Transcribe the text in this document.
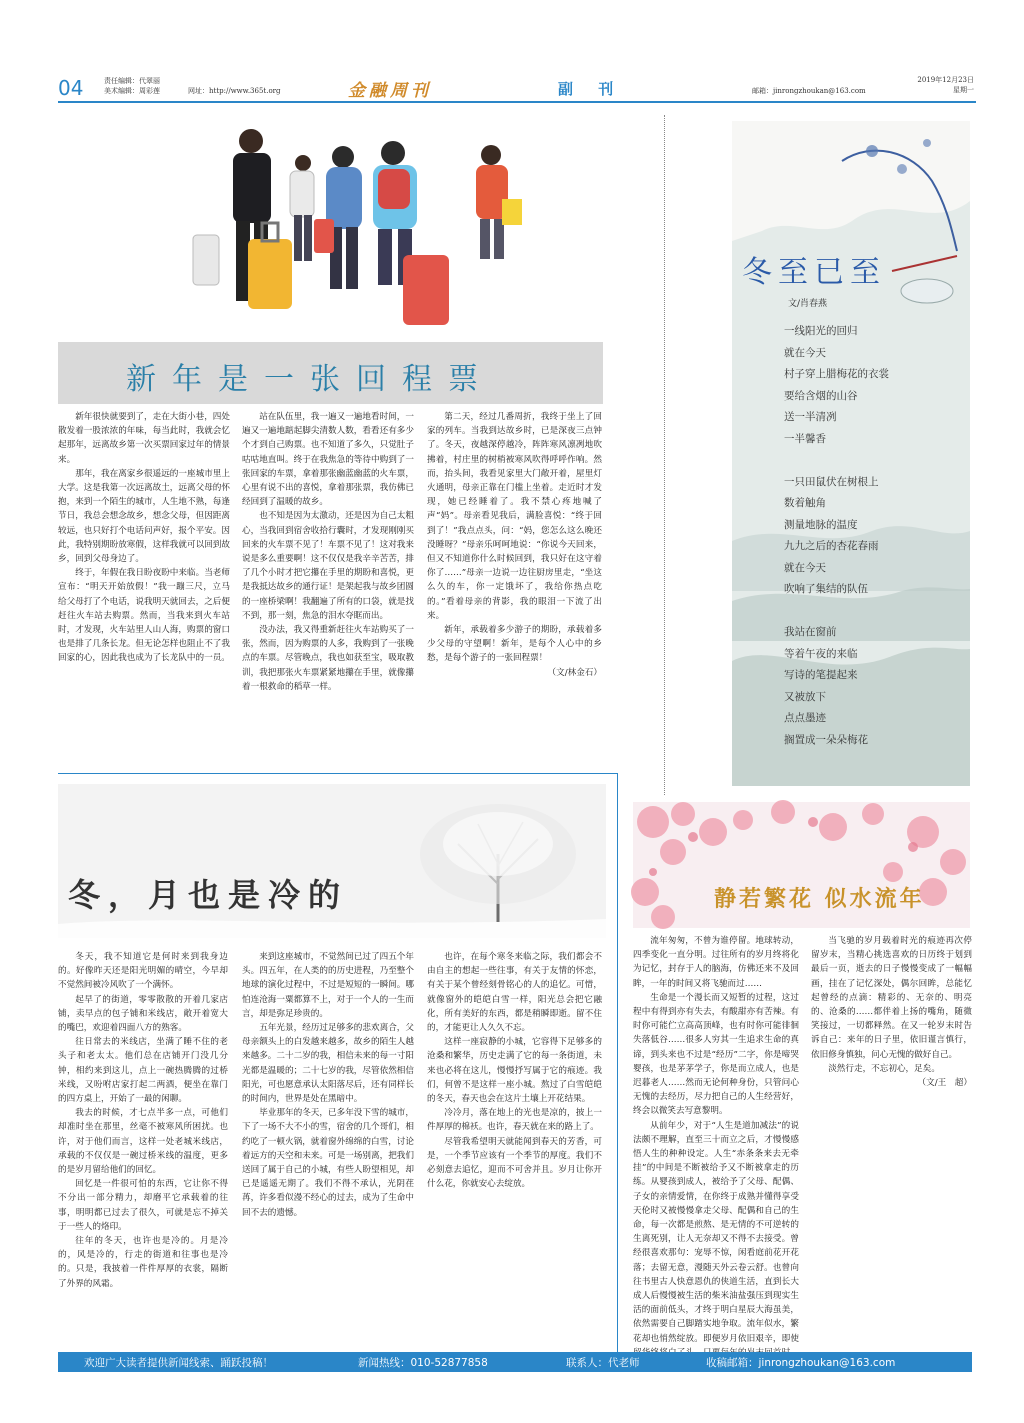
04	责任编辑：代翠丽
美术编辑：周彩莲	网址：http://www.365t.org	金融周刊	副 刊	邮箱：jinrongzhoukan@163.com
2019年12月23日
星期一
新年是一张回程票

新年很快就要到了，走在大街小巷，四处散发着一股浓浓的年味，每当此时，我就会忆起那年，远离故乡第一次买票回家过年的情景来。

那年，我在离家乡很遥远的一座城市里上大学。这是我第一次远离故土，远离父母的怀抱，来到一个陌生的城市，人生地不熟，每逢节日，我总会想念故乡，想念父母，但因距离较远，也只好打个电话问声好，报个平安。因此，我特别期盼放寒假，这样我就可以回到故乡，回到父母身边了。

终于，年假在我日盼夜盼中来临。当老师宣布：“明天开始放假！”我一蹦三尺，立马给父母打了个电话，说我明天就回去，之后便赶往火车站去购票。然而，当我来到火车站时，才发现，火车站里人山人海，购票的窗口也是排了几条长龙。但无论怎样也阻止不了我回家的心，因此我也成为了长龙队中的一员。

站在队伍里，我一遍又一遍地看时间，一遍又一遍地踮起脚尖清数人数，看看还有多少个才到自己购票。也不知道了多久，只觉肚子咕咕地直叫。终于在我焦急的等待中购到了一张回家的车票，拿着那张幽蓝幽蓝的火车票，心里有说不出的喜悦，拿着那张票，我仿佛已经回到了温暖的故乡。

也不知是因为太激动，还是因为自己太粗心，当我回到宿舍收拾行囊时，才发现刚刚买回来的火车票不见了！车票不见了！这对我来说是多么重要啊！这不仅仅是我辛辛苦苦，排了几个小时才把它攥在手里的期盼和喜悦，更是我抵达故乡的通行证！是架起我与故乡团圆的一座桥梁啊！我翻遍了所有的口袋，就是找不到，那一刻，焦急的泪水夺眶而出。

没办法，我又得重新赶往火车站购买了一张，然而，因为购票的人多，我购到了一张晚点的车票。尽管晚点，我也如获至宝，吸取教训，我把那张火车票紧紧地攥在手里，就像攥着一根救命的稻草一样。

第二天，经过几番周折，我终于坐上了回家的列车。当我到达故乡时，已是深夜三点钟了。冬天，夜越深停越冷，阵阵寒风凛冽地吹拂着，村庄里的树梢被寒风吹得呼呼作响。然而，抬头间，我看见家里大门敞开着，屋里灯火通明，母亲正靠在门槛上坐着。走近时才发现，她已经睡着了。我不禁心疼地喊了声“妈”。母亲看见我后，满脸喜悦：“终于回到了！”我点点头，问：“妈，您怎么这么晚还没睡呀？”母亲乐呵呵地说：“你说今天回来，但又不知道你什么时候回到，我只好在这守着你了……”母亲一边说一边往厨房里走，“坐这么久的车，你一定饿坏了，我给你热点吃的。”看着母亲的背影，我的眼泪一下流了出来。

新年，承载着多少游子的期盼，承载着多少父母的守望啊！新年，是每个人心中的乡愁，是每个游子的一张回程票！

（文/林金石）
冬至已至
文/肖春燕
一线阳光的回归
就在今天
村子穿上腊梅花的衣裳
要给含烟的山谷
送一半清冽
一半馨香
一只田鼠伏在树根上
数着触角
测量地脉的温度
九九之后的杏花春雨
就在今天
吹响了集结的队伍
我站在窗前
等着午夜的来临
写诗的笔提起来
又被放下
点点墨迹
搁置成一朵朵梅花
冬，月也是冷的

冬天，我不知道它是何时来到我身边的。好像昨天还是阳光明媚的晴空，今早却不觉然间被冷风吹了一个满怀。

起早了的街道，零零散散的开着几家店铺，卖早点的包子铺和米线店，敞开着宽大的嘴巴，欢迎着四面八方的熟客。

往日常去的米线店，坐满了睡不住的老头子和老太太。他们总在店铺开门没几分钟，相约来到这儿，点上一碗热腾腾的过桥米线，又吩咐店家打起二两酒，便坐在靠门的四方桌上，开始了一最的闲聊。

我去的时候，才七点半多一点，可他们却准时坐在那里，丝毫不被寒风所困扰。也许，对于他们而言，这样一处老城米线店，承载的不仅仅是一碗过桥米线的温度，更多的是岁月留给他们的回忆。

回忆是一件很可怕的东西，它让你不得不分出一部分精力，却磨平它承载着的往事，明明都已过去了很久，可就是忘不掉关于一些人的烙印。

往年的冬天，也许也是冷的。月是冷的，风是冷的，行走的街道和往事也是冷的。只是，我披着一件件厚厚的衣裳，隔断了外界的风霜。

来到这座城市，不觉然间已过了四五个年头。四五年，在人类的的历史进程，乃至整个地球的演化过程中，不过是短短的一瞬间。哪怕连沧海一粟都算不上，对于一个人的一生而言，却是弥足珍贵的。

五年光景，经历过足够多的悲欢离合，父母亲额头上的白发越来越多，故乡的陌生人越来越多。二十二岁的我，相信未来的每一寸阳光都是温暖的；二十七岁的我，尽管依然相信阳光，可也愿意承认太阳落尽后，还有同样长的时间内，世界是处在黑暗中。

毕业那年的冬天，已多年没下雪的城市，下了一场不大不小的雪，宿舍的几个哥们，相约吃了一顿火锅，就着窗外绵绵的白雪，讨论着远方的天空和未来。可是一场别离，把我们送回了属于自己的小城，有些人盼望相见，却已是遥遥无期了。我们不得不承认，光阴荏苒，许多看似漫不经心的过去，成为了生命中回不去的遗憾。

也许，在每个寒冬来临之际，我们都会不由自主的想起一些往事，有关于友情的怀恋，有关于某个曾经刻骨铭心的人的追忆。可惜，就像窗外的皑皑白雪一样，阳光总会把它融化，所有美好的东西，都是稍瞬即逝。留不住的，才能更让人久久不忘。

这样一座寂静的小城，它容得下足够多的沧桑和繁华，历史走满了它的每一条街道，未来也必将在这儿，慢慢抒写属于它的痕迹。我们，何曾不是这样一座小城。熬过了白雪皑皑的冬天，春天也会在这片土壤上开花结果。

冷冷月，落在地上的光也是凉的，披上一件厚厚的棉袄。也许，春天就在来的路上了。

尽管我希望明天就能闻到春天的芳香，可是，一个季节应该有一个季节的厚度。我们不必刻意去追忆，迎而不可舍并且。岁月让你开什么花，你就安心去绽放。

静若繁花 似水流年

流年匆匆，不曾为谁停留。地球转动，四季变化一直分明。过往所有的岁月终将化为记忆，封存于人的脑海，仿佛还来不及回眸，一年的时间又将飞驰而过……

生命是一个漫长而又短暂的过程，这过程中有得到亦有失去，有酸甜亦有苦辣。有时你可能伫立高高顶峰，也有时你可能徘徊失落低谷……很多人穷其一生追求生命的真谛，到头来也不过是“经历”二字，你是啼哭婴孩，也是茅茅学子，你是而立成人，也是迟暮老人……然而无论何种身份，只管问心无愧的去经历，尽力把自己的人生经营好，终会以微笑去写意黎明。

从前年少，对于“人生是道加减法”的说法颇不理解，直至三十而立之后，才慢慢感悟人生的种种设定。人生“赤条条来去无牵挂”的中间是不断被给予又不断被拿走的历练。从婴孩到成人，被给予了父母、配偶、子女的亲情爱情，在你终于成熟并懂得享受天伦时又被慢慢拿走父母、配偶和自己的生命，每一次都是煎熬、是无情的不可逆转的生离死别，让人无奈却又不得不去接受。曾经很喜欢那句：宠辱不惊，闲看庭前花开花落；去留无意，漫随天外云卷云舒。也曾向往书里古人快意恩仇的侠道生活，直到长大成人后慢慢被生活的柴米油盐强压到现实生活的面前低头，才终于明白星辰大海虽美，依然需要自己脚踏实地争取。流年似水，繁花却也悄然绽放。即便岁月依旧艰辛，即使

当飞驰的岁月载着时光的痕迹再次停留岁末，当精心挑选喜欢的日历终于划到最后一页，逝去的日子慢慢变成了一幅幅画，挂在了记忆深处，偶尔回眸，总能忆起曾经的点滴：精彩的、无奈的、明亮的、沧桑的……都伴着上扬的嘴角，随微笑接过，一切都释然。在又一轮岁末时告诉自己：来年的日子里，依旧谨言慎行，依旧修身慎独，问心无愧的做好自己。

淡然行走，不忘初心，足矣。

（文/王　超）
欢迎广大读者提供新闻线索、踊跃投稿！	新闻热线：010-52877858	联系人：代老师	收稿邮箱：jinrongzhoukan@163.com
